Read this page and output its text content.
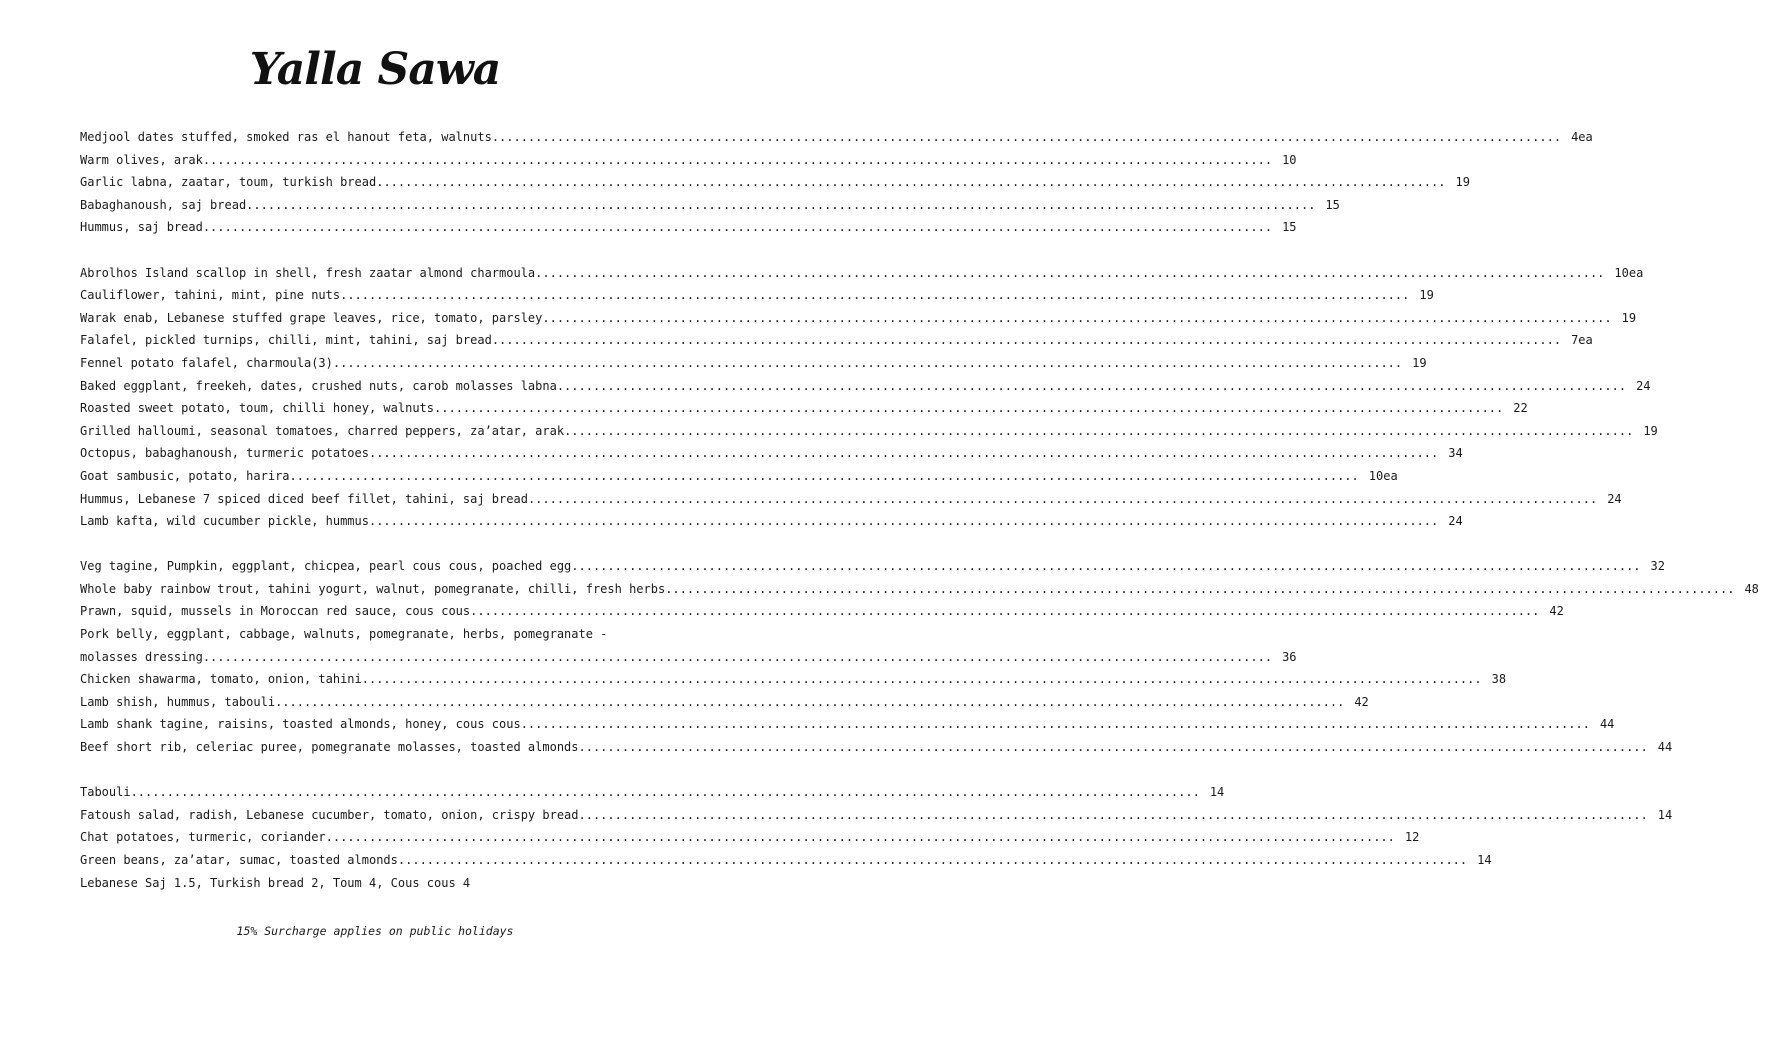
Yalla Sawa
Medjool dates stuffed, smoked ras el hanout feta, walnuts .....	4ea
Warm olives, arak .....	10
Garlic labna, zaatar, toum, turkish bread .....	19
Babaghanoush, saj bread .....	15
Hummus, saj bread .....	15
Abrolhos Island scallop in shell, fresh zaatar almond charmoula .....	10ea
Cauliflower, tahini, mint, pine nuts .....	19
Warak enab, Lebanese stuffed grape leaves, rice, tomato, parsley .....	19
Falafel, pickled turnips, chilli, mint, tahini, saj bread .....	7ea
Fennel potato falafel, charmoula(3) .....	19
Baked eggplant, freekeh, dates, crushed nuts, carob molasses labna .....	24
Roasted sweet potato, toum, chilli honey, walnuts .....	22
Grilled halloumi, seasonal tomatoes, charred peppers, za’atar, arak .....	19
Octopus, babaghanoush, turmeric potatoes .....	34
Goat sambusic, potato, harira .....	10ea
Hummus, Lebanese 7 spiced diced beef fillet, tahini, saj bread .....	24
Lamb kafta, wild cucumber pickle, hummus .....	24
Veg tagine, Pumpkin, eggplant, chicpea, pearl cous cous, poached egg .....	32
Whole baby rainbow trout, tahini yogurt, walnut, pomegranate, chilli, fresh herbs .....	48
Prawn, squid, mussels in Moroccan red sauce, cous cous .....	42
Pork belly, eggplant, cabbage, walnuts, pomegranate, herbs, pomegranate -
molasses dressing .....	36
Chicken shawarma, tomato, onion, tahini....... .....	38
Lamb shish, hummus, tabouli .....	42
Lamb shank tagine, raisins, toasted almonds, honey, cous cous .....	44
Beef short rib, celeriac puree, pomegranate molasses, toasted almonds .....	44
Tabouli .....	14
Fatoush salad, radish, Lebanese cucumber, tomato, onion, crispy bread .....	14
Chat potatoes, turmeric, coriander .....	12
Green beans, za’atar, sumac, toasted almonds .....	14
Lebanese Saj 1.5, Turkish bread 2, Toum 4, Cous cous 4
15% Surcharge applies on public holidays
